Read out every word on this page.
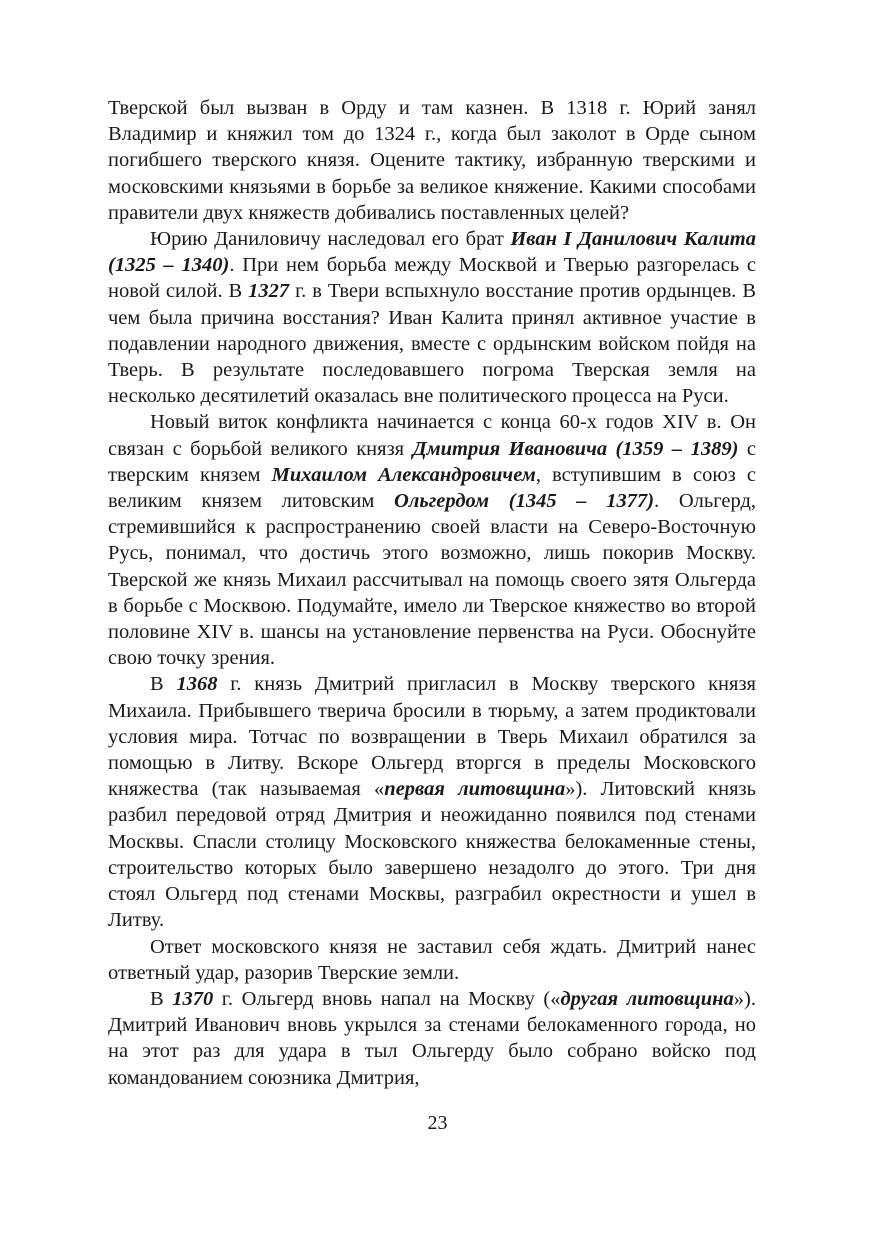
Тверской был вызван в Орду и там казнен. В 1318 г. Юрий занял Владимир и княжил том до 1324 г., когда был заколот в Орде сыном погибшего тверского князя. Оцените тактику, избранную тверскими и московскими князьями в борьбе за великое княжение. Какими способами правители двух княжеств добивались поставленных целей?

Юрию Даниловичу наследовал его брат Иван I Данилович Калита (1325 – 1340). При нем борьба между Москвой и Тверью разгорелась с новой силой. В 1327 г. в Твери вспыхнуло восстание против ордынцев. В чем была причина восстания? Иван Калита принял активное участие в подавлении народного движения, вместе с ордынским войском пойдя на Тверь. В результате последовавшего погрома Тверская земля на несколько десятилетий оказалась вне политического процесса на Руси.

Новый виток конфликта начинается с конца 60-х годов XIV в. Он связан с борьбой великого князя Дмитрия Ивановича (1359 – 1389) с тверским князем Михаилом Александровичем, вступившим в союз с великим князем литовским Ольгердом (1345 – 1377). Ольгерд, стремившийся к распространению своей власти на Северо-Восточную Русь, понимал, что достичь этого возможно, лишь покорив Москву. Тверской же князь Михаил рассчитывал на помощь своего зятя Ольгерда в борьбе с Москвою. Подумайте, имело ли Тверское княжество во второй половине XIV в. шансы на установление первенства на Руси. Обоснуйте свою точку зрения.

В 1368 г. князь Дмитрий пригласил в Москву тверского князя Михаила. Прибывшего тверича бросили в тюрьму, а затем продиктовали условия мира. Тотчас по возвращении в Тверь Михаил обратился за помощью в Литву. Вскоре Ольгерд вторгся в пределы Московского княжества (так называемая «первая литовщина»). Литовский князь разбил передовой отряд Дмитрия и неожиданно появился под стенами Москвы. Спасли столицу Московского княжества белокаменные стены, строительство которых было завершено незадолго до этого. Три дня стоял Ольгерд под стенами Москвы, разграбил окрестности и ушел в Литву.

Ответ московского князя не заставил себя ждать. Дмитрий нанес ответный удар, разорив Тверские земли.

В 1370 г. Ольгерд вновь напал на Москву («другая литовщина»). Дмитрий Иванович вновь укрылся за стенами белокаменного города, но на этот раз для удара в тыл Ольгерду было собрано войско под командованием союзника Дмитрия,

23
